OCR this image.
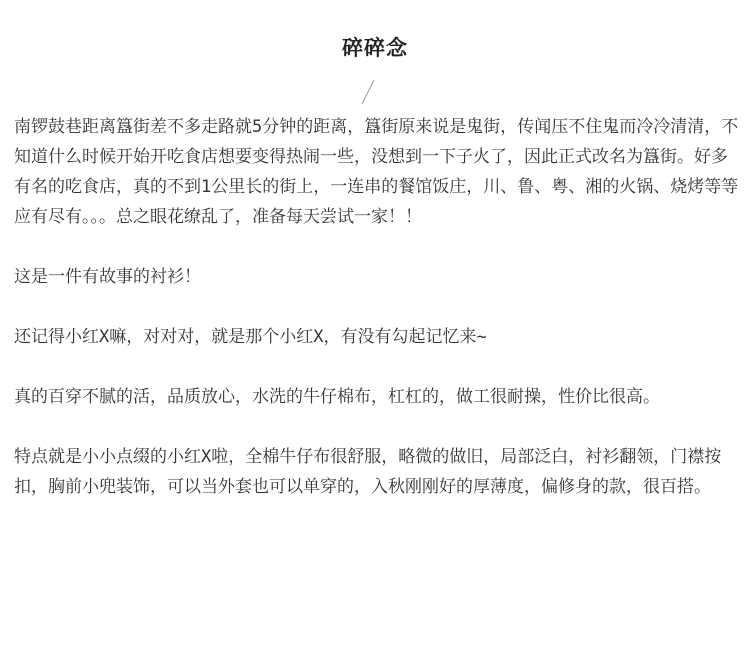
碎碎念

南锣鼓巷距离簋街差不多走路就5分钟的距离，簋街原来说是鬼街，传闻压不住鬼而冷冷清清，不知道什么时候开始开吃食店想要变得热闹一些，没想到一下子火了，因此正式改名为簋街。好多有名的吃食店，真的不到1公里长的街上，一连串的餐馆饭庄，川、鲁、粤、湘的火锅、烧烤等等应有尽有。。。总之眼花缭乱了，准备每天尝试一家！！

这是一件有故事的衬衫！

还记得小红X嘛，对对对，就是那个小红X，有没有勾起记忆来~

真的百穿不腻的活，品质放心，水洗的牛仔棉布，杠杠的，做工很耐操，性价比很高。

特点就是小小点缀的小红X啦，全棉牛仔布很舒服，略微的做旧，局部泛白，衬衫翻领，门襟按扣，胸前小兜装饰，可以当外套也可以单穿的，入秋刚刚好的厚薄度，偏修身的款，很百搭。
